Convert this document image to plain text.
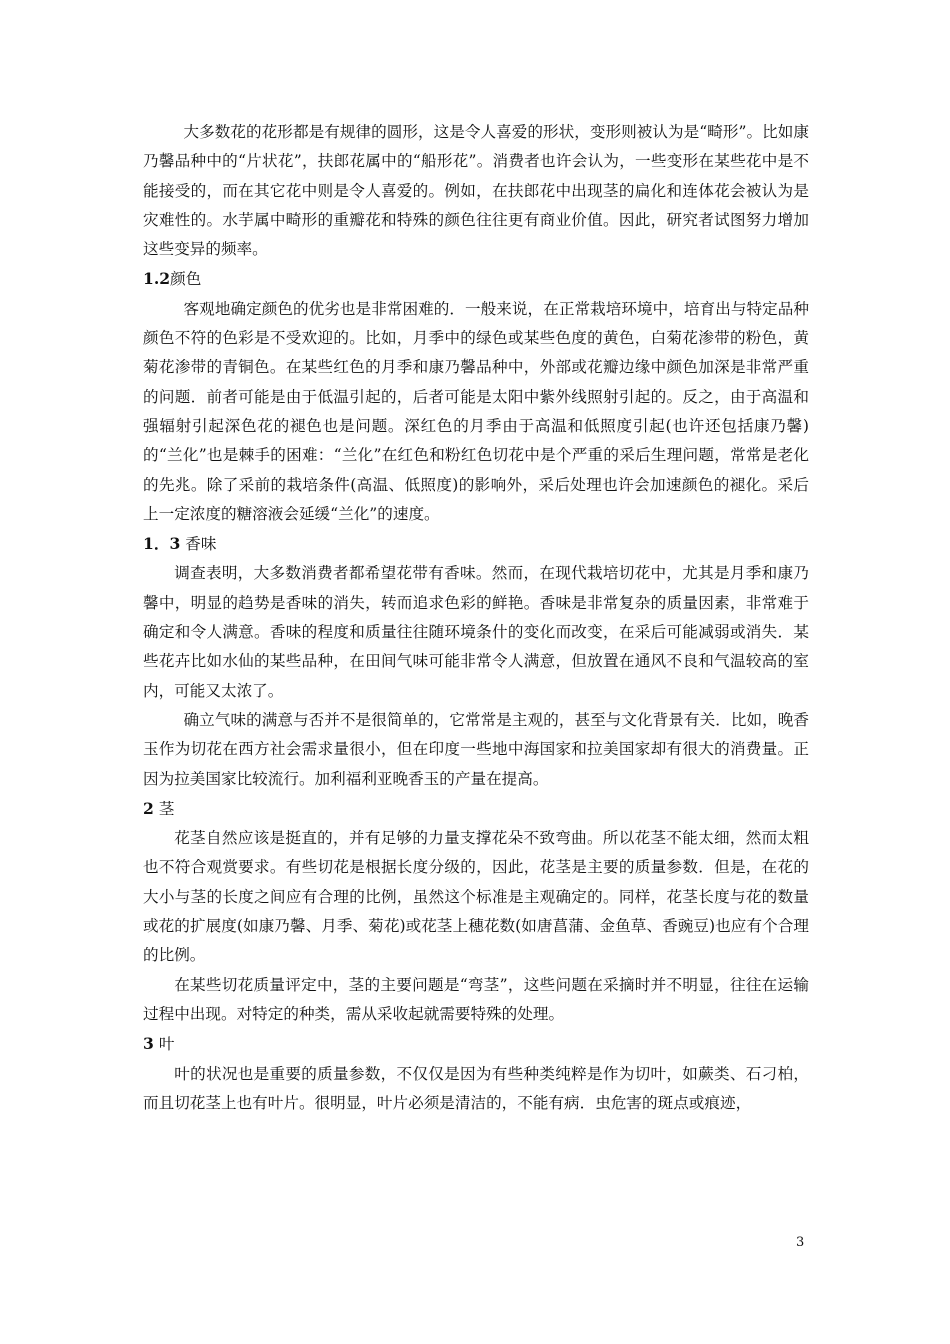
大多数花的花形都是有规律的圆形，这是令人喜爱的形状，变形则被认为是“畸形”。比如康乃馨品种中的“片状花”，扶郎花属中的“船形花”。消费者也许会认为，一些变形在某些花中是不能接受的，而在其它花中则是令人喜爱的。例如，在扶郎花中出现茎的扁化和连体花会被认为是灾难性的。水芋属中畸形的重瓣花和特殊的颜色往往更有商业价值。因此，研究者试图努力增加这些变异的频率。

1.2颜色

客观地确定颜色的优劣也是非常困难的．一般来说，在正常栽培环境中，培育出与特定品种颜色不符的色彩是不受欢迎的。比如，月季中的绿色或某些色度的黄色，白菊花渗带的粉色，黄菊花渗带的青铜色。在某些红色的月季和康乃馨品种中，外部或花瓣边缘中颜色加深是非常严重的问题．前者可能是由于低温引起的，后者可能是太阳中紫外线照射引起的。反之，由于高温和强辐射引起深色花的褪色也是问题。深红色的月季由于高温和低照度引起(也许还包括康乃馨)的“兰化”也是棘手的困难：“兰化”在红色和粉红色切花中是个严重的采后生理问题，常常是老化的先兆。除了采前的栽培条件(高温、低照度)的影响外，采后处理也许会加速颜色的褪化。采后上一定浓度的糖溶液会延缓“兰化”的速度。

1．3 香味

调查表明，大多数消费者都希望花带有香味。然而，在现代栽培切花中，尤其是月季和康乃馨中，明显的趋势是香味的消失，转而追求色彩的鲜艳。香味是非常复杂的质量因素，非常难于确定和令人满意。香味的程度和质量往往随环境条什的变化而改变，在采后可能减弱或消失．某些花卉比如水仙的某些品种，在田间气味可能非常令人满意，但放置在通风不良和气温较高的室内，可能又太浓了。

确立气味的满意与否并不是很简单的，它常常是主观的，甚至与文化背景有关．比如，晚香玉作为切花在西方社会需求量很小，但在印度一些地中海国家和拉美国家却有很大的消费量。正因为拉美国家比较流行。加利福利亚晚香玉的产量在提高。

2 茎

花茎自然应该是挺直的，并有足够的力量支撑花朵不致弯曲。所以花茎不能太细，然而太粗也不符合观赏要求。有些切花是根据长度分级的，因此，花茎是主要的质量参数．但是，在花的大小与茎的长度之间应有合理的比例，虽然这个标准是主观确定的。同样，花茎长度与花的数量或花的扩展度(如康乃馨、月季、菊花)或花茎上穗花数(如唐菖蒲、金鱼草、香豌豆)也应有个合理的比例。

在某些切花质量评定中，茎的主要问题是“弯茎”，这些问题在采摘时并不明显，往往在运输过程中出现。对特定的种类，需从采收起就需要特殊的处理。

3 叶

叶的状况也是重要的质量参数，不仅仅是因为有些种类纯粹是作为切叶，如蕨类、石刁柏，而且切花茎上也有叶片。很明显，叶片必须是清洁的，不能有病．虫危害的斑点或痕迹，

3
